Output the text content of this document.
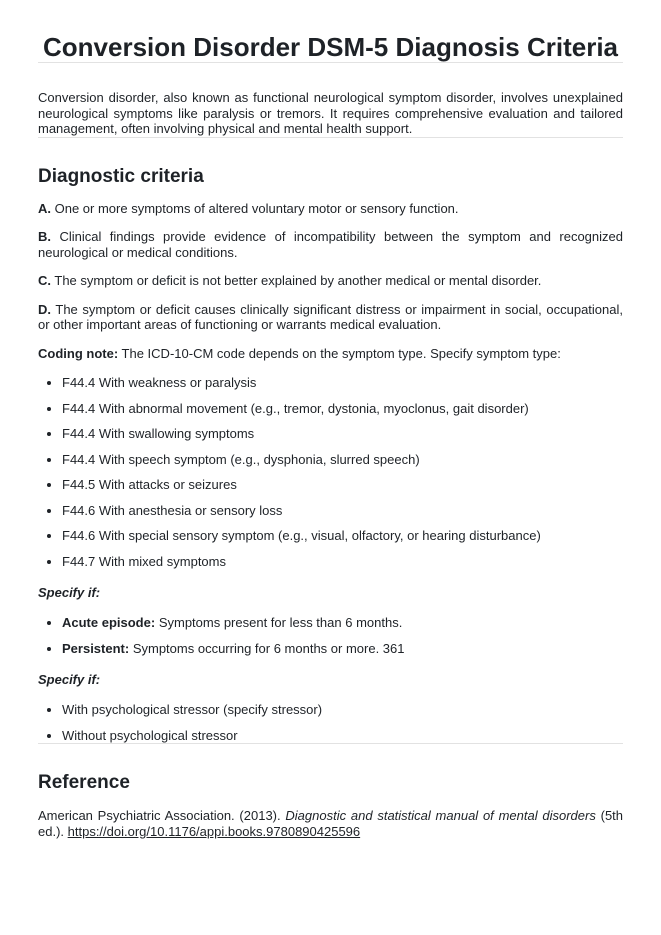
Conversion Disorder DSM-5 Diagnosis Criteria

Conversion disorder, also known as functional neurological symptom disorder, involves unexplained neurological symptoms like paralysis or tremors. It requires comprehensive evaluation and tailored management, often involving physical and mental health support.

Diagnostic criteria

A. One or more symptoms of altered voluntary motor or sensory function.

B. Clinical findings provide evidence of incompatibility between the symptom and recognized neurological or medical conditions.

C. The symptom or deficit is not better explained by another medical or mental disorder.

D. The symptom or deficit causes clinically significant distress or impairment in social, occupational, or other important areas of functioning or warrants medical evaluation.

Coding note: The ICD-10-CM code depends on the symptom type. Specify symptom type:

• F44.4 With weakness or paralysis
• F44.4 With abnormal movement (e.g., tremor, dystonia, myoclonus, gait disorder)
• F44.4 With swallowing symptoms
• F44.4 With speech symptom (e.g., dysphonia, slurred speech)
• F44.5 With attacks or seizures
• F44.6 With anesthesia or sensory loss
• F44.6 With special sensory symptom (e.g., visual, olfactory, or hearing disturbance)
• F44.7 With mixed symptoms
Specify if:
• Acute episode: Symptoms present for less than 6 months.
• Persistent: Symptoms occurring for 6 months or more. 361
Specify if:
• With psychological stressor (specify stressor)
• Without psychological stressor
Reference

American Psychiatric Association. (2013). Diagnostic and statistical manual of mental disorders (5th ed.). https://doi.org/10.1176/appi.books.9780890425596
